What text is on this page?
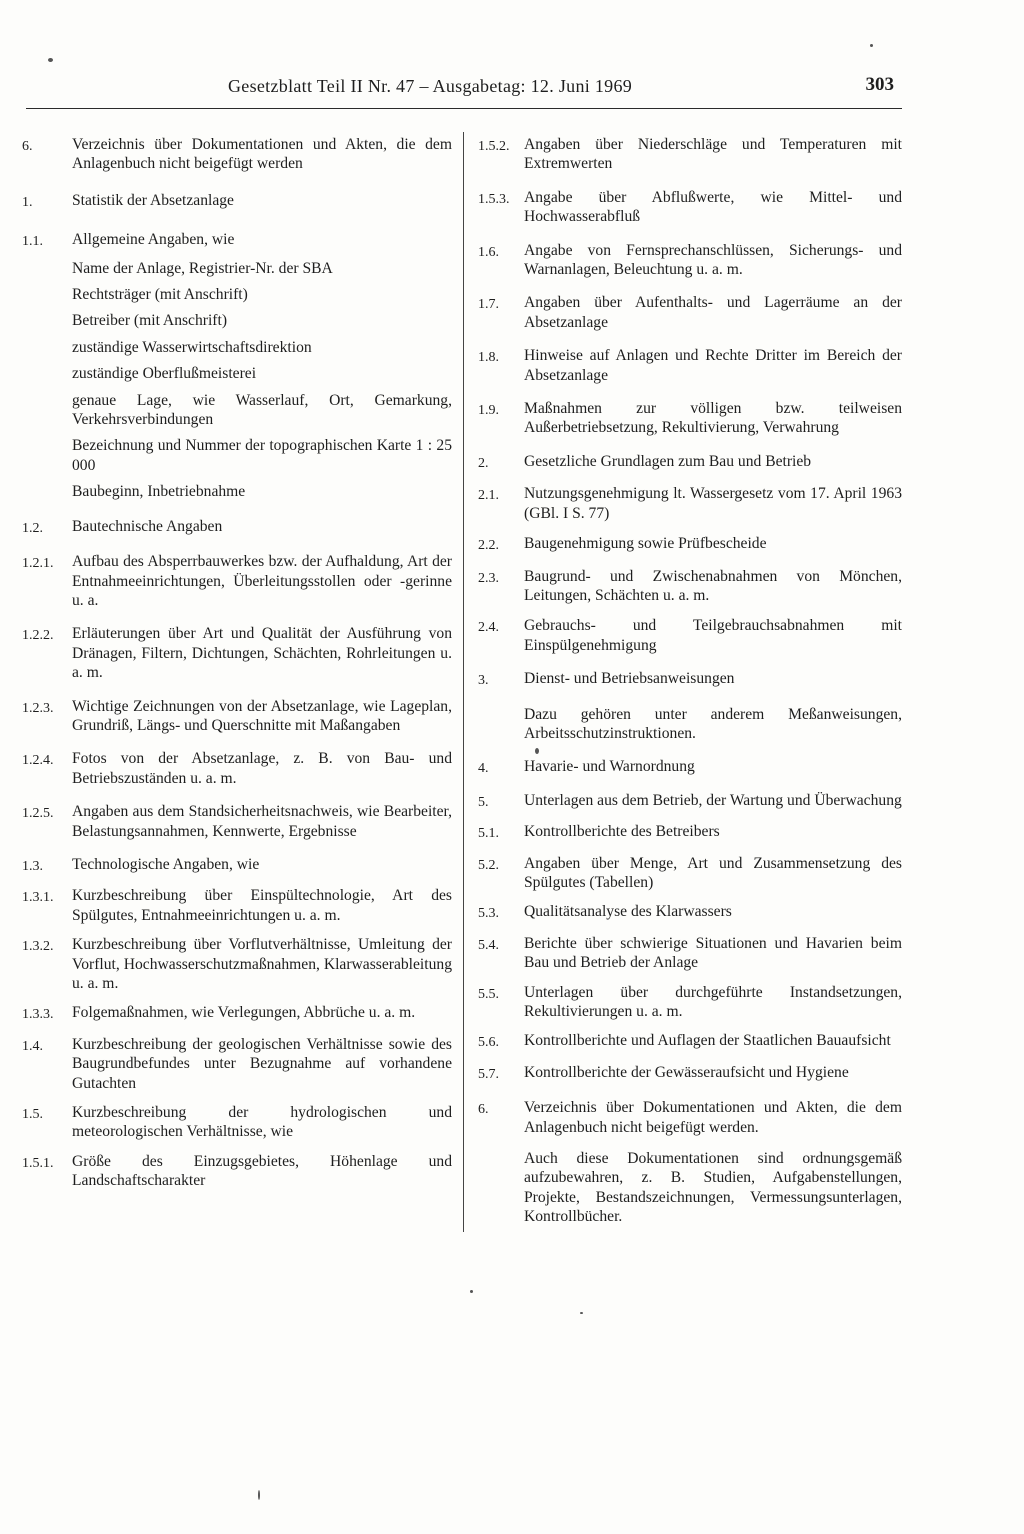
Gesetzblatt Teil II Nr. 47 – Ausgabetag: 12. Juni 1969	303
6.	Verzeichnis über Dokumentationen und Akten, die dem Anlagenbuch nicht beigefügt werden
1.	Statistik der Absetzanlage
1.1.	Allgemeine Angaben, wie
Name der Anlage, Registrier-Nr. der SBA
Rechtsträger (mit Anschrift)
Betreiber (mit Anschrift)
zuständige Wasserwirtschaftsdirektion
zuständige Oberflußmeisterei
genaue Lage, wie Wasserlauf, Ort, Gemarkung, Verkehrsverbindungen
Bezeichnung und Nummer der topographischen Karte 1 : 25 000
Baubeginn, Inbetriebnahme
1.2.	Bautechnische Angaben
1.2.1.	Aufbau des Absperrbauwerkes bzw. der Aufhaldung, Art der Entnahmeeinrichtungen, Überleitungsstollen oder -gerinne u. a.
1.2.2.	Erläuterungen über Art und Qualität der Ausführung von Dränagen, Filtern, Dichtungen, Schächten, Rohrleitungen u. a. m.
1.2.3.	Wichtige Zeichnungen von der Absetzanlage, wie Lageplan, Grundriß, Längs- und Querschnitte mit Maßangaben
1.2.4.	Fotos von der Absetzanlage, z. B. von Bau- und Betriebszuständen u. a. m.
1.2.5.	Angaben aus dem Standsicherheitsnachweis, wie Bearbeiter, Belastungsannahmen, Kennwerte, Ergebnisse
1.3.	Technologische Angaben, wie
1.3.1.	Kurzbeschreibung über Einspültechnologie, Art des Spülgutes, Entnahmeeinrichtungen u. a. m.
1.3.2.	Kurzbeschreibung über Vorflutverhältnisse, Umleitung der Vorflut, Hochwasserschutzmaßnahmen, Klarwasserableitung u. a. m.
1.3.3.	Folgemaßnahmen, wie Verlegungen, Abbrüche u. a. m.
1.4.	Kurzbeschreibung der geologischen Verhältnisse sowie des Baugrundbefundes unter Bezugnahme auf vorhandene Gutachten
1.5.	Kurzbeschreibung der hydrologischen und meteorologischen Verhältnisse, wie
1.5.1.	Größe des Einzugsgebietes, Höhenlage und Landschaftscharakter
1.5.2. Angaben über Niederschläge und Temperaturen mit Extremwerten
1.5.3. Angabe über Abflußwerte, wie Mittel- und Hochwasserabfluß
1.6.	Angabe von Fernsprechanschlüssen, Sicherungs- und Warnanlagen, Beleuchtung u. a. m.
1.7.	Angaben über Aufenthalts- und Lagerräume an der Absetzanlage
1.8.	Hinweise auf Anlagen und Rechte Dritter im Bereich der Absetzanlage
1.9.	Maßnahmen zur völligen bzw. teilweisen Außerbetriebsetzung, Rekultivierung, Verwahrung
2.	Gesetzliche Grundlagen zum Bau und Betrieb
2.1.	Nutzungsgenehmigung lt. Wassergesetz vom 17. April 1963 (GBl. I S. 77)
2.2.	Baugenehmigung sowie Prüfbescheide
2.3.	Baugrund- und Zwischenabnahmen von Mönchen, Leitungen, Schächten u. a. m.
2.4.	Gebrauchs- und Teilgebrauchsabnahmen mit Einspülgenehmigung
3.	Dienst- und Betriebsanweisungen
Dazu gehören unter anderem Meßanweisungen, Arbeitsschutzinstruktionen.
4.	Havarie- und Warnordnung
5.	Unterlagen aus dem Betrieb, der Wartung und Überwachung
5.1.	Kontrollberichte des Betreibers
5.2.	Angaben über Menge, Art und Zusammensetzung des Spülgutes (Tabellen)
5.3.	Qualitätsanalyse des Klarwassers
5.4.	Berichte über schwierige Situationen und Havarien beim Bau und Betrieb der Anlage
5.5.	Unterlagen über durchgeführte Instandsetzungen, Rekultivierungen u. a. m.
5.6.	Kontrollberichte und Auflagen der Staatlichen Bauaufsicht
5.7.	Kontrollberichte der Gewässeraufsicht und Hygiene
6.	Verzeichnis über Dokumentationen und Akten, die dem Anlagenbuch nicht beigefügt werden.
Auch diese Dokumentationen sind ordnungsgemäß aufzubewahren, z. B. Studien, Aufgabenstellungen, Projekte, Bestandszeichnungen, Vermessungsunterlagen, Kontrollbücher.
